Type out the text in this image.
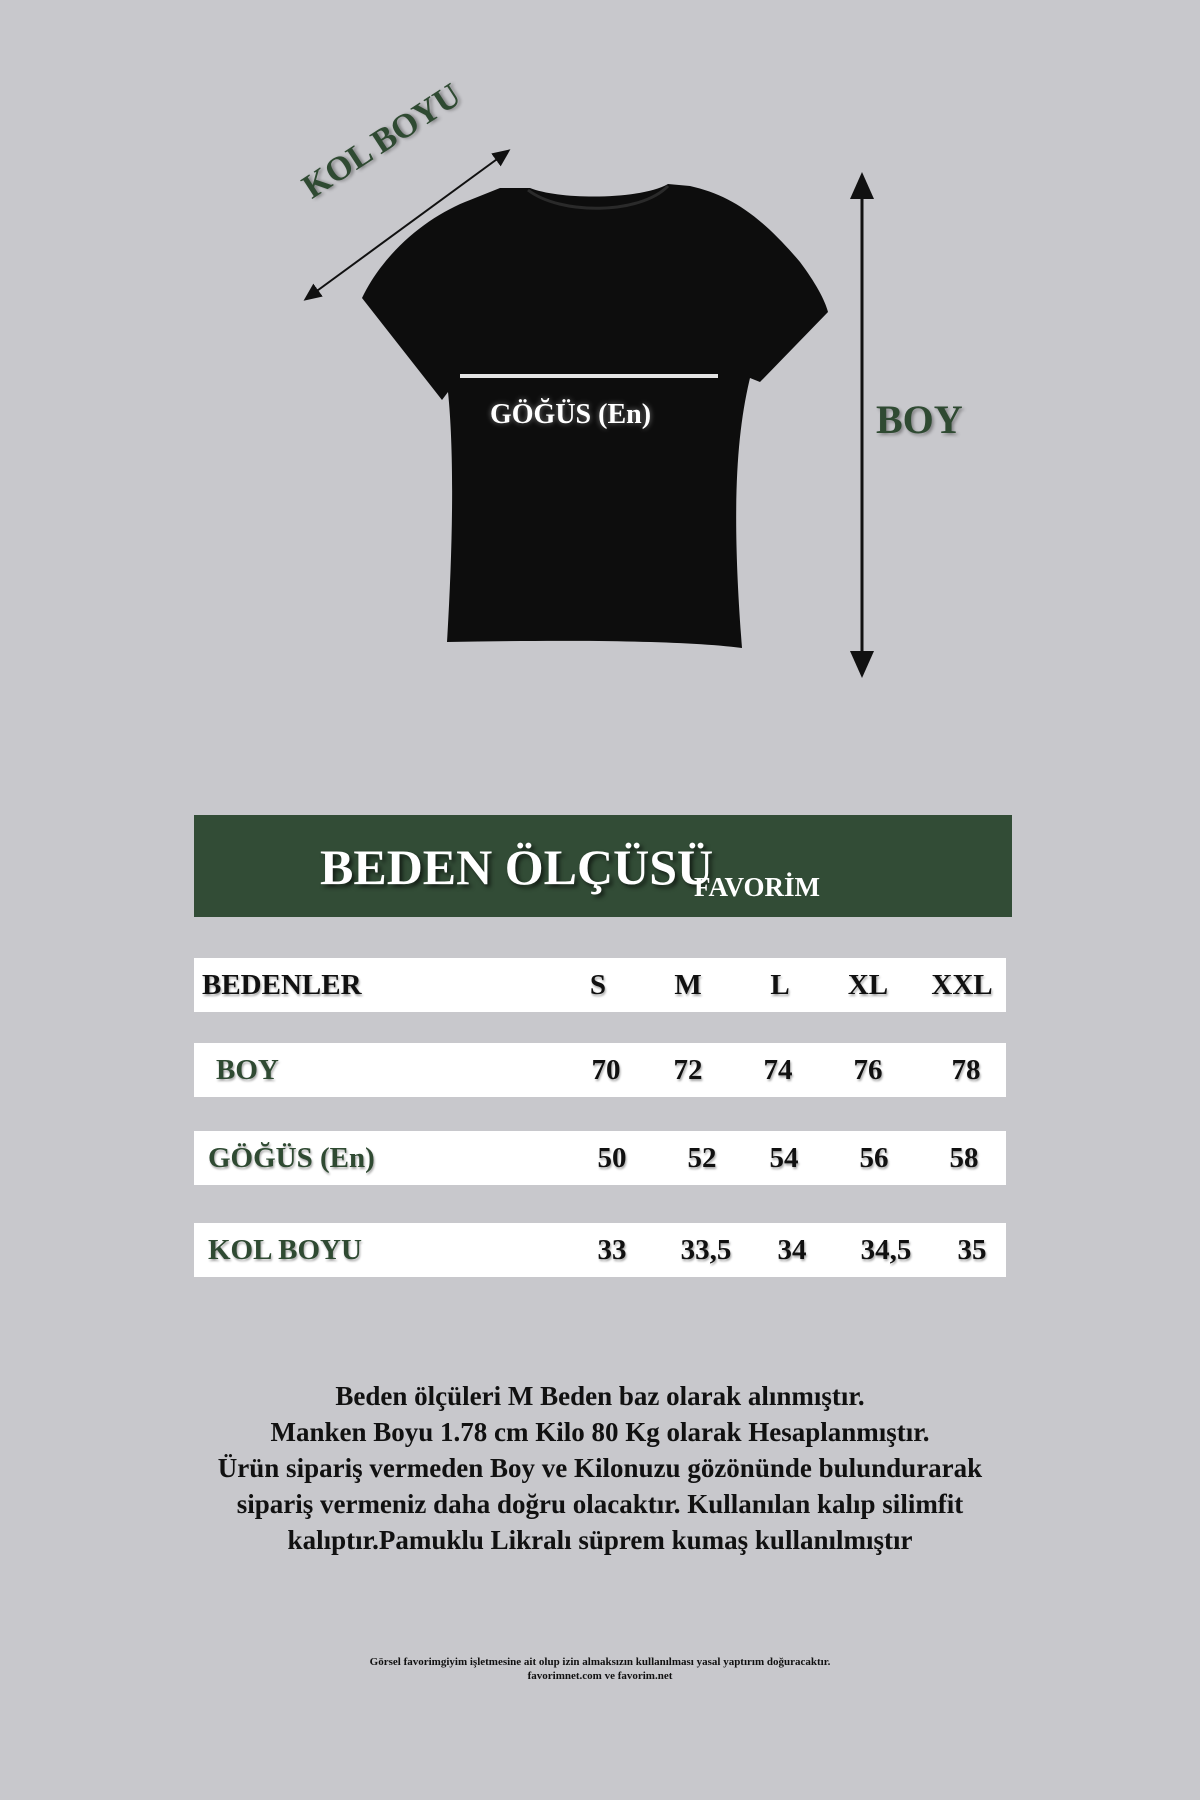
KOL BOYU
BOY
GÖĞÜS (En)
BEDEN ÖLÇÜSÜ
FAVORİM
BEDENLER	S	M	L	XL	XXL
BOY	70	72	74	76	78
GÖĞÜS (En)	50	52	54	56	58
KOL BOYU	33	33,5	34	34,5	35
Beden ölçüleri M Beden baz olarak alınmıştır.
Manken Boyu 1.78 cm Kilo 80 Kg olarak Hesaplanmıştır.
Ürün sipariş vermeden Boy ve Kilonuzu gözönünde bulundurarak
sipariş vermeniz daha doğru olacaktır. Kullanılan kalıp silimfit
kalıptır.Pamuklu Likralı süprem kumaş kullanılmıştır
Görsel favorimgiyim işletmesine ait olup izin almaksızın kullanılması yasal yaptırım doğuracaktır.
favorimnet.com ve favorim.net
